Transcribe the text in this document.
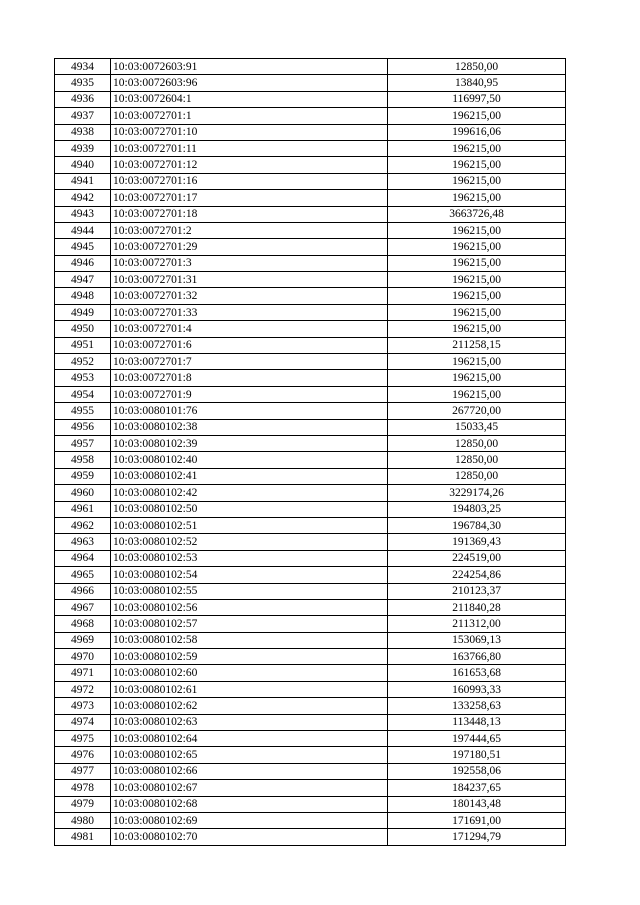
4934	10:03:0072603:91	12850,00
4935	10:03:0072603:96	13840,95
4936	10:03:0072604:1	116997,50
4937	10:03:0072701:1	196215,00
4938	10:03:0072701:10	199616,06
4939	10:03:0072701:11	196215,00
4940	10:03:0072701:12	196215,00
4941	10:03:0072701:16	196215,00
4942	10:03:0072701:17	196215,00
4943	10:03:0072701:18	3663726,48
4944	10:03:0072701:2	196215,00
4945	10:03:0072701:29	196215,00
4946	10:03:0072701:3	196215,00
4947	10:03:0072701:31	196215,00
4948	10:03:0072701:32	196215,00
4949	10:03:0072701:33	196215,00
4950	10:03:0072701:4	196215,00
4951	10:03:0072701:6	211258,15
4952	10:03:0072701:7	196215,00
4953	10:03:0072701:8	196215,00
4954	10:03:0072701:9	196215,00
4955	10:03:0080101:76	267720,00
4956	10:03:0080102:38	15033,45
4957	10:03:0080102:39	12850,00
4958	10:03:0080102:40	12850,00
4959	10:03:0080102:41	12850,00
4960	10:03:0080102:42	3229174,26
4961	10:03:0080102:50	194803,25
4962	10:03:0080102:51	196784,30
4963	10:03:0080102:52	191369,43
4964	10:03:0080102:53	224519,00
4965	10:03:0080102:54	224254,86
4966	10:03:0080102:55	210123,37
4967	10:03:0080102:56	211840,28
4968	10:03:0080102:57	211312,00
4969	10:03:0080102:58	153069,13
4970	10:03:0080102:59	163766,80
4971	10:03:0080102:60	161653,68
4972	10:03:0080102:61	160993,33
4973	10:03:0080102:62	133258,63
4974	10:03:0080102:63	113448,13
4975	10:03:0080102:64	197444,65
4976	10:03:0080102:65	197180,51
4977	10:03:0080102:66	192558,06
4978	10:03:0080102:67	184237,65
4979	10:03:0080102:68	180143,48
4980	10:03:0080102:69	171691,00
4981	10:03:0080102:70	171294,79
